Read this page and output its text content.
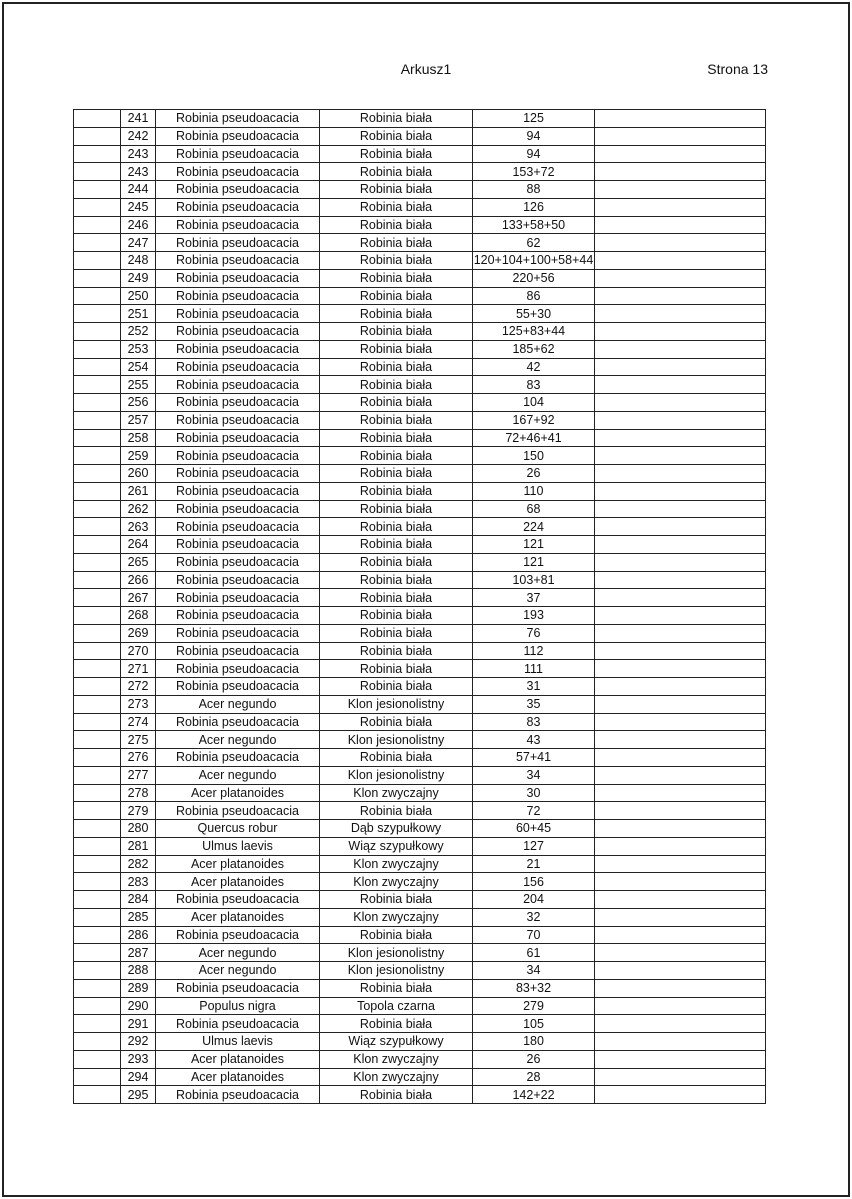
Arkusz1	Strona 13
	241	Robinia pseudoacacia	Robinia biała	125	
	242	Robinia pseudoacacia	Robinia biała	94	
	243	Robinia pseudoacacia	Robinia biała	94	
	243	Robinia pseudoacacia	Robinia biała	153+72	
	244	Robinia pseudoacacia	Robinia biała	88	
	245	Robinia pseudoacacia	Robinia biała	126	
	246	Robinia pseudoacacia	Robinia biała	133+58+50	
	247	Robinia pseudoacacia	Robinia biała	62	
	248	Robinia pseudoacacia	Robinia biała	120+104+100+58+44	
	249	Robinia pseudoacacia	Robinia biała	220+56	
	250	Robinia pseudoacacia	Robinia biała	86	
	251	Robinia pseudoacacia	Robinia biała	55+30	
	252	Robinia pseudoacacia	Robinia biała	125+83+44	
	253	Robinia pseudoacacia	Robinia biała	185+62	
	254	Robinia pseudoacacia	Robinia biała	42	
	255	Robinia pseudoacacia	Robinia biała	83	
	256	Robinia pseudoacacia	Robinia biała	104	
	257	Robinia pseudoacacia	Robinia biała	167+92	
	258	Robinia pseudoacacia	Robinia biała	72+46+41	
	259	Robinia pseudoacacia	Robinia biała	150	
	260	Robinia pseudoacacia	Robinia biała	26	
	261	Robinia pseudoacacia	Robinia biała	110	
	262	Robinia pseudoacacia	Robinia biała	68	
	263	Robinia pseudoacacia	Robinia biała	224	
	264	Robinia pseudoacacia	Robinia biała	121	
	265	Robinia pseudoacacia	Robinia biała	121	
	266	Robinia pseudoacacia	Robinia biała	103+81	
	267	Robinia pseudoacacia	Robinia biała	37	
	268	Robinia pseudoacacia	Robinia biała	193	
	269	Robinia pseudoacacia	Robinia biała	76	
	270	Robinia pseudoacacia	Robinia biała	112	
	271	Robinia pseudoacacia	Robinia biała	111	
	272	Robinia pseudoacacia	Robinia biała	31	
	273	Acer negundo	Klon jesionolistny	35	
	274	Robinia pseudoacacia	Robinia biała	83	
	275	Acer negundo	Klon jesionolistny	43	
	276	Robinia pseudoacacia	Robinia biała	57+41	
	277	Acer negundo	Klon jesionolistny	34	
	278	Acer platanoides	Klon zwyczajny	30	
	279	Robinia pseudoacacia	Robinia biała	72	
	280	Quercus robur	Dąb szypułkowy	60+45	
	281	Ulmus laevis	Wiąz szypułkowy	127	
	282	Acer platanoides	Klon zwyczajny	21	
	283	Acer platanoides	Klon zwyczajny	156	
	284	Robinia pseudoacacia	Robinia biała	204	
	285	Acer platanoides	Klon zwyczajny	32	
	286	Robinia pseudoacacia	Robinia biała	70	
	287	Acer negundo	Klon jesionolistny	61	
	288	Acer negundo	Klon jesionolistny	34	
	289	Robinia pseudoacacia	Robinia biała	83+32	
	290	Populus nigra	Topola czarna	279	
	291	Robinia pseudoacacia	Robinia biała	105	
	292	Ulmus laevis	Wiąz szypułkowy	180	
	293	Acer platanoides	Klon zwyczajny	26	
	294	Acer platanoides	Klon zwyczajny	28	
	295	Robinia pseudoacacia	Robinia biała	142+22	
